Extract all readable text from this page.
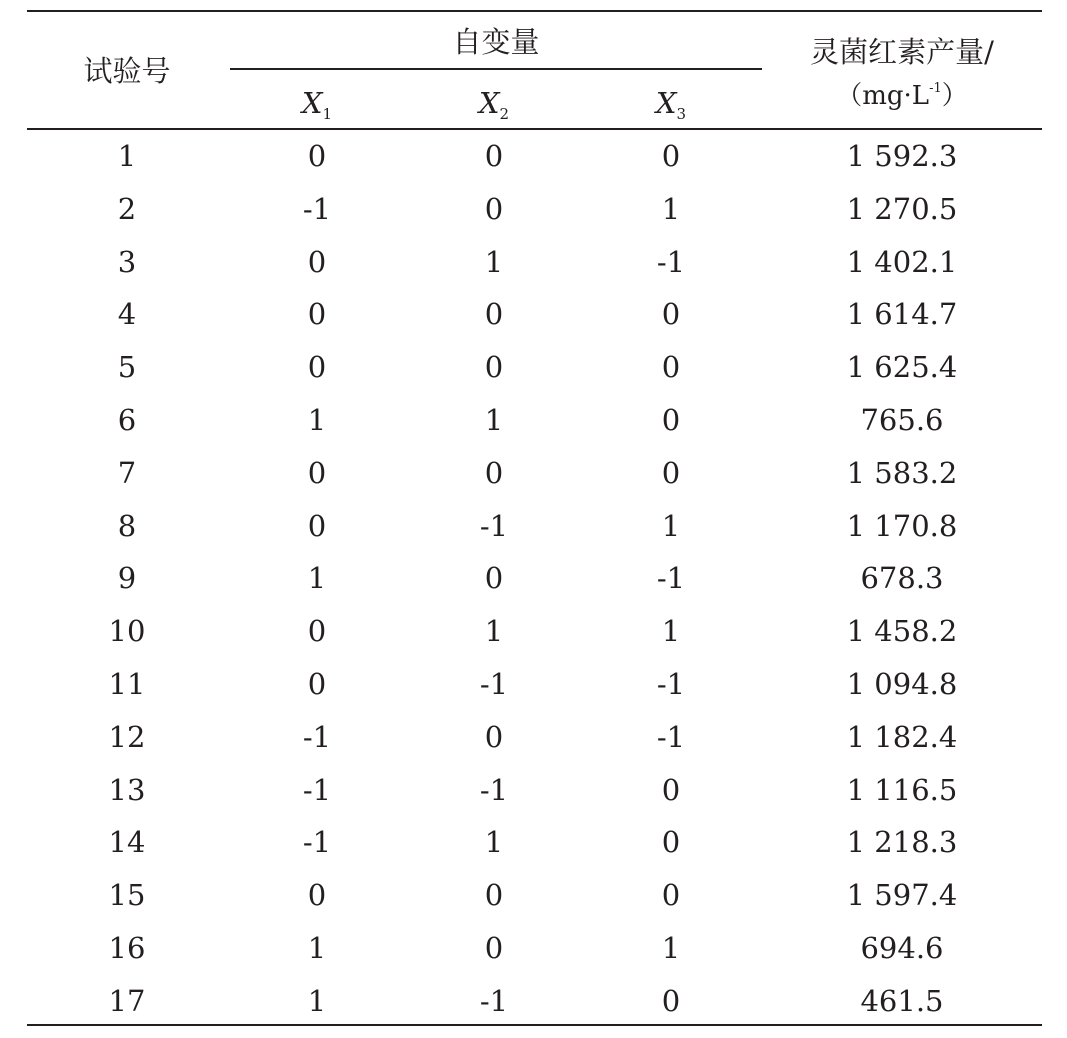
试验号
自变量
$X_1$	$X_2$	$X_3$
灵菌红素产量/
$(mg\cdot L^{-1})$
1	0	0	0	1 592.3
2	-1	0	1	1 270.5
3	0	1	-1	1 402.1
4	0	0	0	1 614.7
5	0	0	0	1 625.4
6	1	1	0	765.6
7	0	0	0	1 583.2
8	0	-1	1	1 170.8
9	1	0	-1	678.3
10	0	1	1	1 458.2
11	0	-1	-1	1 094.8
12	-1	0	-1	1 182.4
13	-1	-1	0	1 116.5
14	-1	1	0	1 218.3
15	0	0	0	1 597.4
16	1	0	1	694.6
17	1	-1	0	461.5
